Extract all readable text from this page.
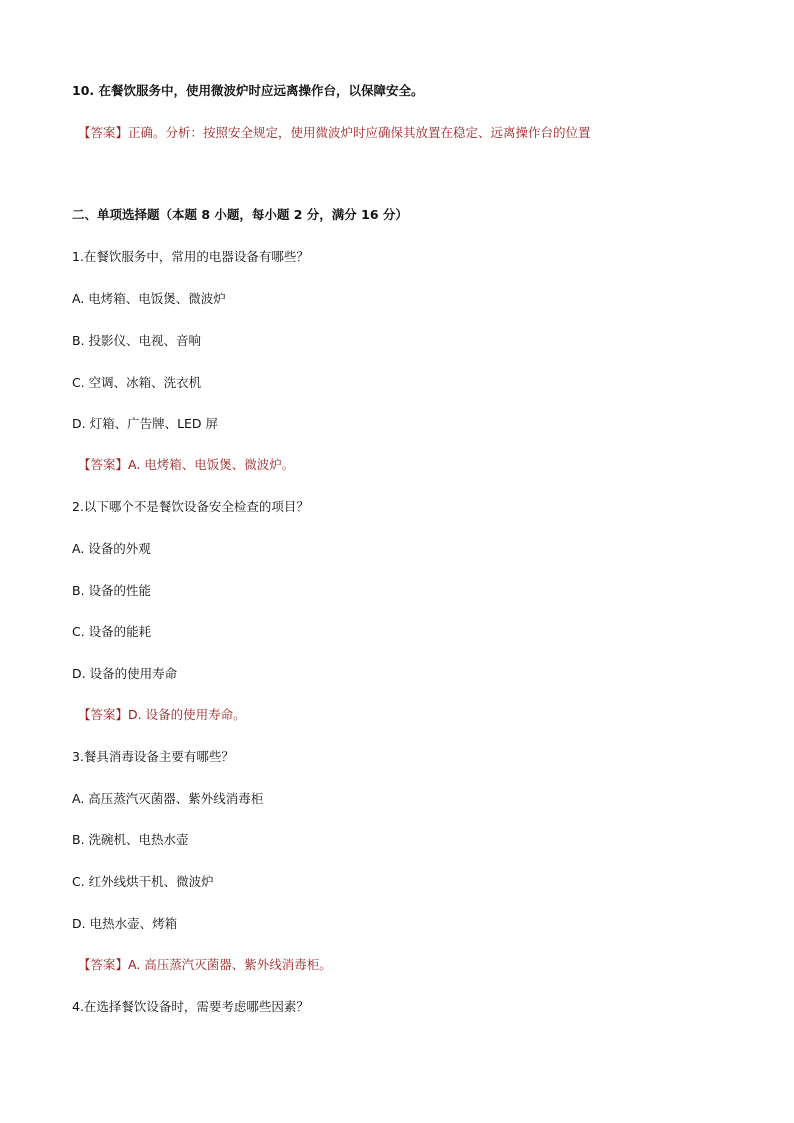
10. 在餐饮服务中，使用微波炉时应远离操作台，以保障安全。
【答案】正确。分析：按照安全规定，使用微波炉时应确保其放置在稳定、远离操作台的位置
二、单项选择题（本题 8 小题，每小题 2 分，满分 16 分）
1.在餐饮服务中，常用的电器设备有哪些？
A. 电烤箱、电饭煲、微波炉
B. 投影仪、电视、音响
C. 空调、冰箱、洗衣机
D. 灯箱、广告牌、LED 屏
【答案】A. 电烤箱、电饭煲、微波炉。
2.以下哪个不是餐饮设备安全检查的项目？
A. 设备的外观
B. 设备的性能
C. 设备的能耗
D. 设备的使用寿命
【答案】D. 设备的使用寿命。
3.餐具消毒设备主要有哪些？
A. 高压蒸汽灭菌器、紫外线消毒柜
B. 洗碗机、电热水壶
C. 红外线烘干机、微波炉
D. 电热水壶、烤箱
【答案】A. 高压蒸汽灭菌器、紫外线消毒柜。
4.在选择餐饮设备时，需要考虑哪些因素？
